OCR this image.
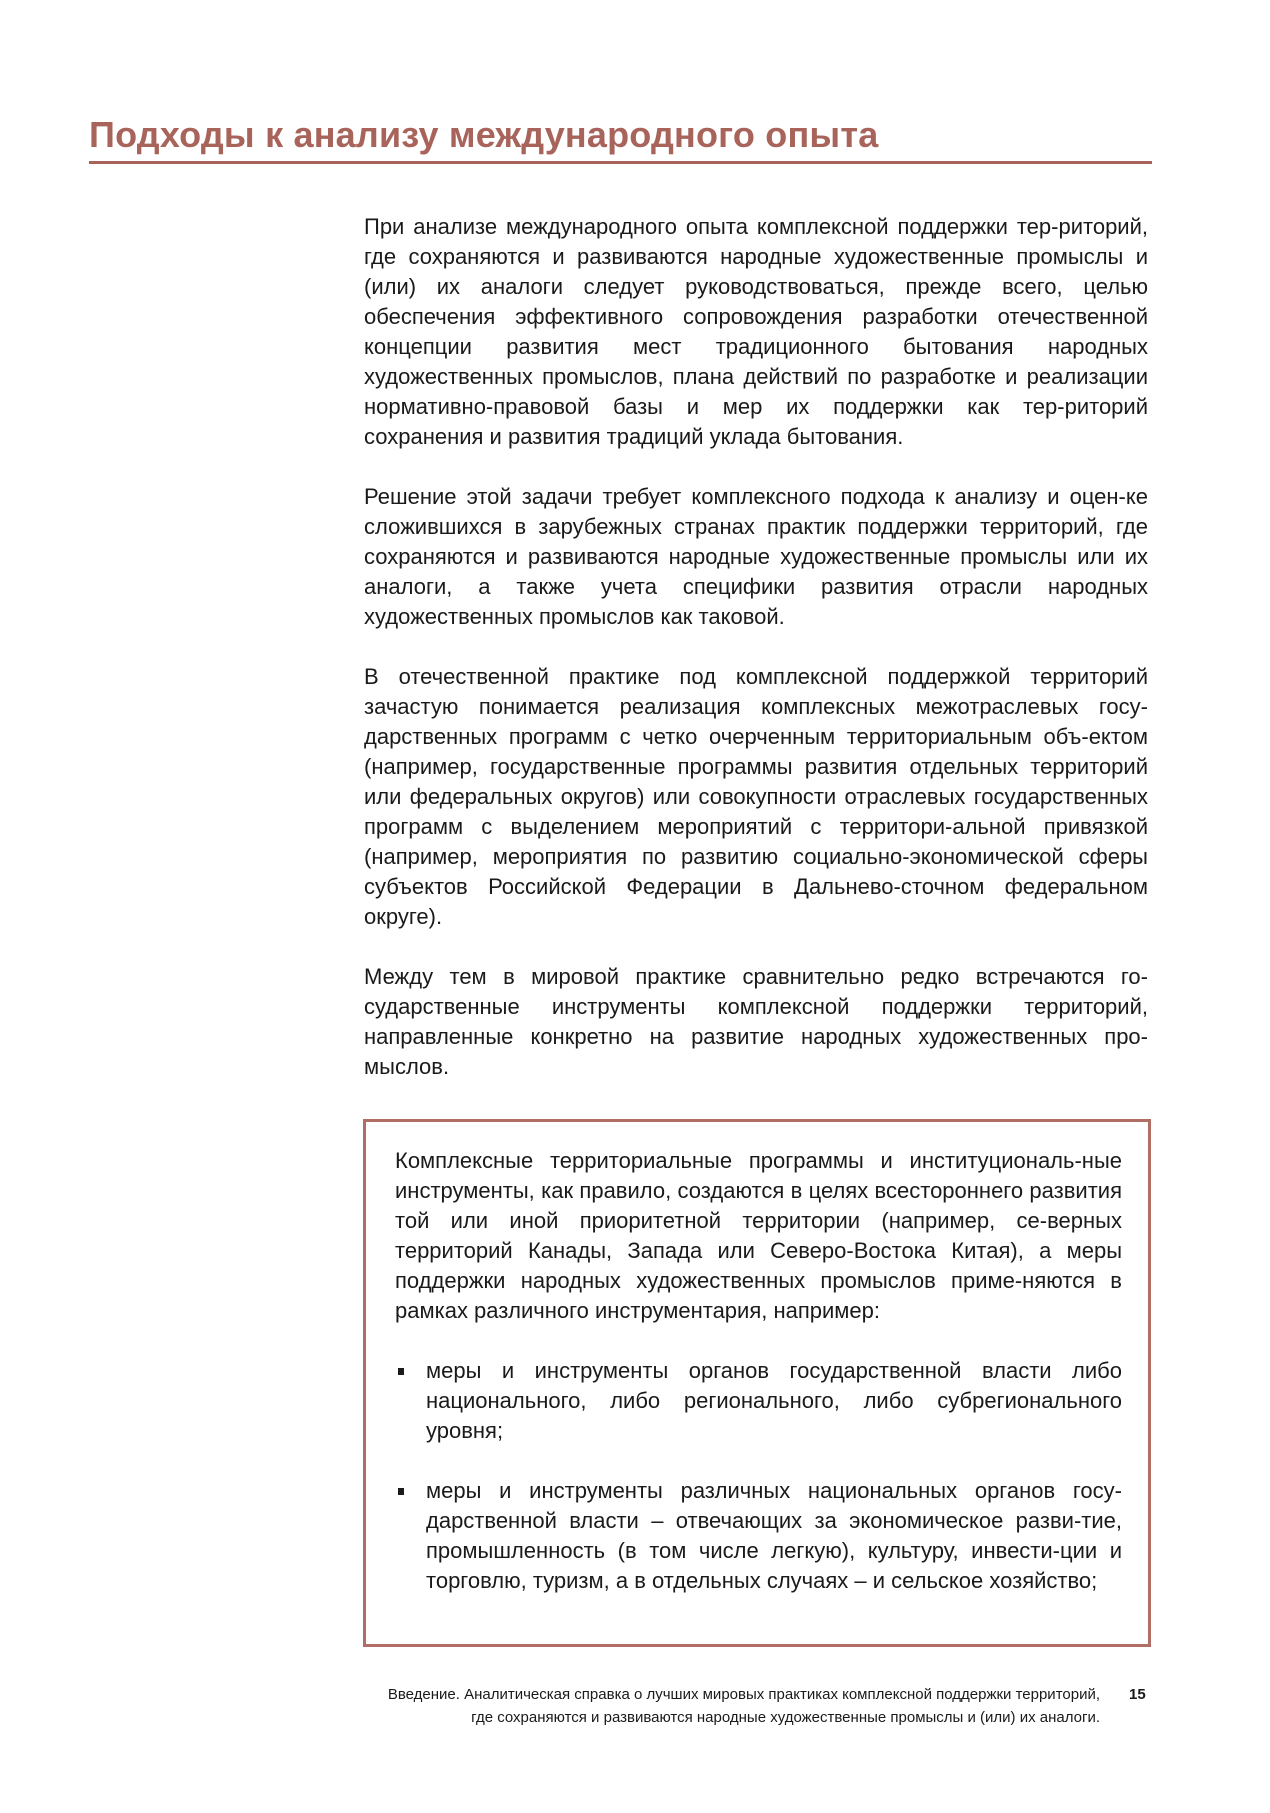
Подходы к анализу международного опыта

При анализе международного опыта комплексной поддержки тер-риторий, где сохраняются и развиваются народные художественные промыслы и (или) их аналоги следует руководствоваться, прежде всего, целью обеспечения эффективного сопровождения разработки отечественной концепции развития мест традиционного бытования народных художественных промыслов, плана действий по разработке и реализации нормативно-правовой базы и мер их поддержки как тер-риторий сохранения и развития традиций уклада бытования.

Решение этой задачи требует комплексного подхода к анализу и оцен-ке сложившихся в зарубежных странах практик поддержки территорий, где сохраняются и развиваются народные художественные промыслы или их аналоги, а также учета специфики развития отрасли народных художественных промыслов как таковой.

В отечественной практике под комплексной поддержкой территорий зачастую понимается реализация комплексных межотраслевых госу-дарственных программ с четко очерченным территориальным объ-ектом (например, государственные программы развития отдельных территорий или федеральных округов) или совокупности отраслевых государственных программ с выделением мероприятий с территори-альной привязкой (например, мероприятия по развитию социально-экономической сферы субъектов Российской Федерации в Дальнево-сточном федеральном округе).

Между тем в мировой практике сравнительно редко встречаются го-сударственные инструменты комплексной поддержки территорий, направленные конкретно на развитие народных художественных про-мыслов.

Комплексные территориальные программы и институциональ-ные инструменты, как правило, создаются в целях всестороннего развития той или иной приоритетной территории (например, се-верных территорий Канады, Запада или Северо-Востока Китая), а меры поддержки народных художественных промыслов приме-няются в рамках различного инструментария, например:

меры и инструменты органов государственной власти либо национального, либо регионального, либо субрегионального уровня;
меры и инструменты различных национальных органов госу-дарственной власти – отвечающих за экономическое разви-тие, промышленность (в том числе легкую), культуру, инвести-ции и торговлю, туризм, а в отдельных случаях – и сельское хозяйство;
Введение. Аналитическая справка о лучших мировых практиках комплексной поддержки территорий,
где сохраняются и развиваются народные художественные промыслы и (или) их аналоги.
15
